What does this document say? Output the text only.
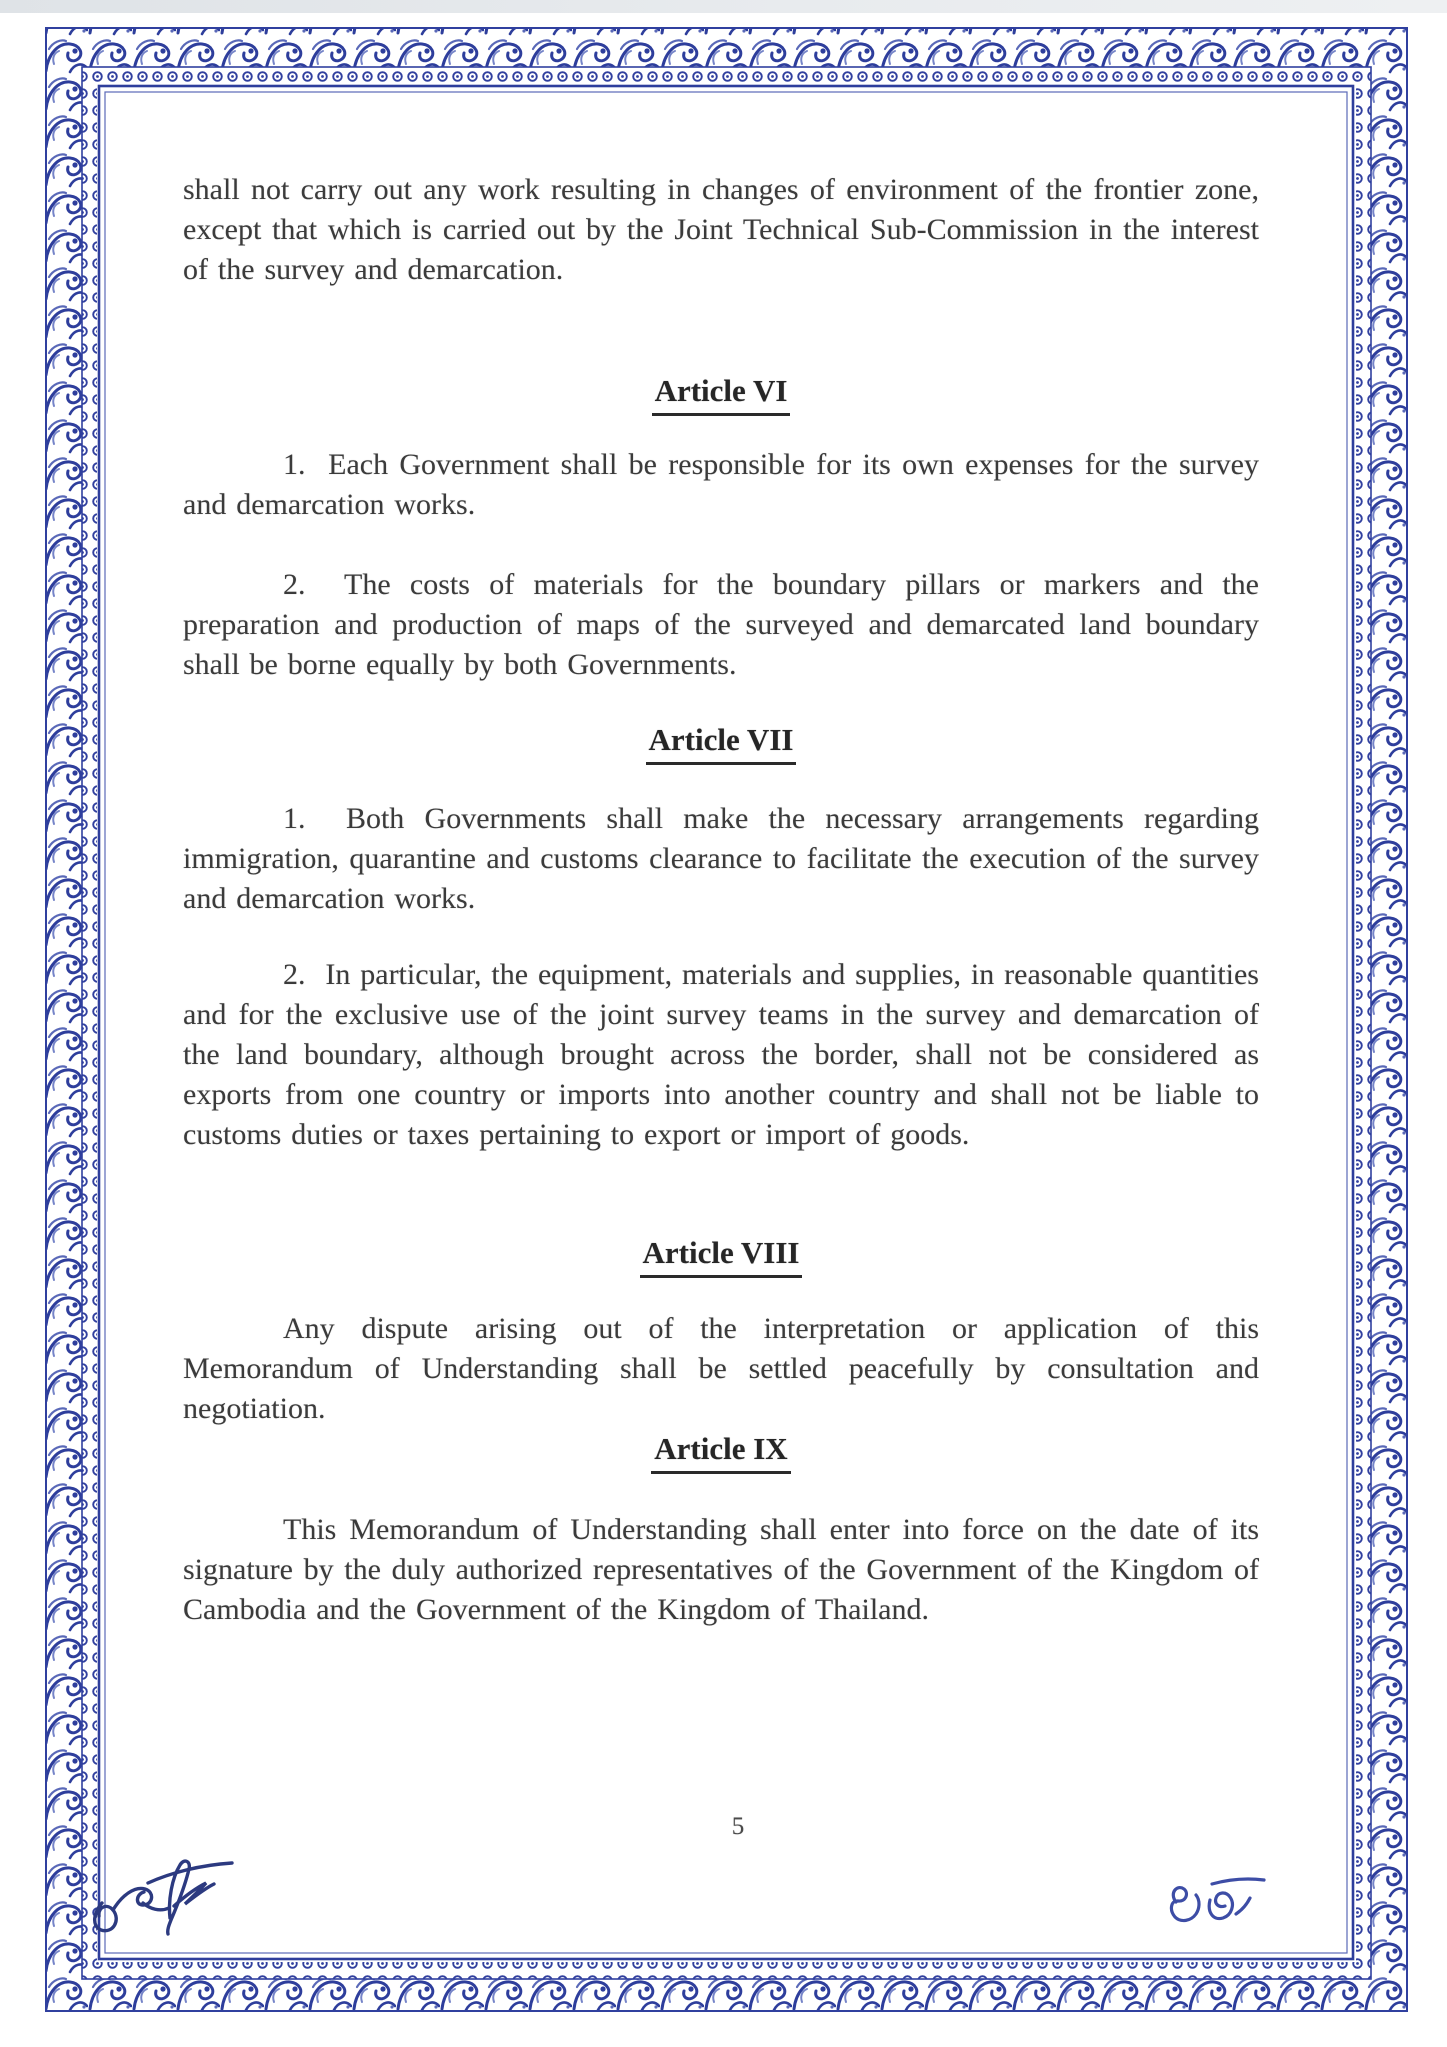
shall not carry out any work resulting in changes of environment of the frontier zone, except that which is carried out by the Joint Technical Sub-Commission in the interest of the survey and demarcation.
Article VI
1.  Each Government shall be responsible for its own expenses for the survey and demarcation works.
2.  The costs of materials for the boundary pillars or markers and the preparation and production of maps of the surveyed and demarcated land boundary shall be borne equally by both Governments.
Article VII
1.  Both Governments shall make the necessary arrangements regarding immigration, quarantine and customs clearance to facilitate the execution of the survey and demarcation works.
2.  In particular, the equipment, materials and supplies, in reasonable quantities and for the exclusive use of the joint survey teams in the survey and demarcation of the land boundary, although brought across the border, shall not be considered as exports from one country or imports into another country and shall not be liable to customs duties or taxes pertaining to export or import of goods.
Article VIII
Any dispute arising out of the interpretation or application of this Memorandum of Understanding shall be settled peacefully by consultation and negotiation.
Article IX
This Memorandum of Understanding shall enter into force on the date of its signature by the duly authorized representatives of the Government of the Kingdom of Cambodia and the Government of the Kingdom of Thailand.
5
